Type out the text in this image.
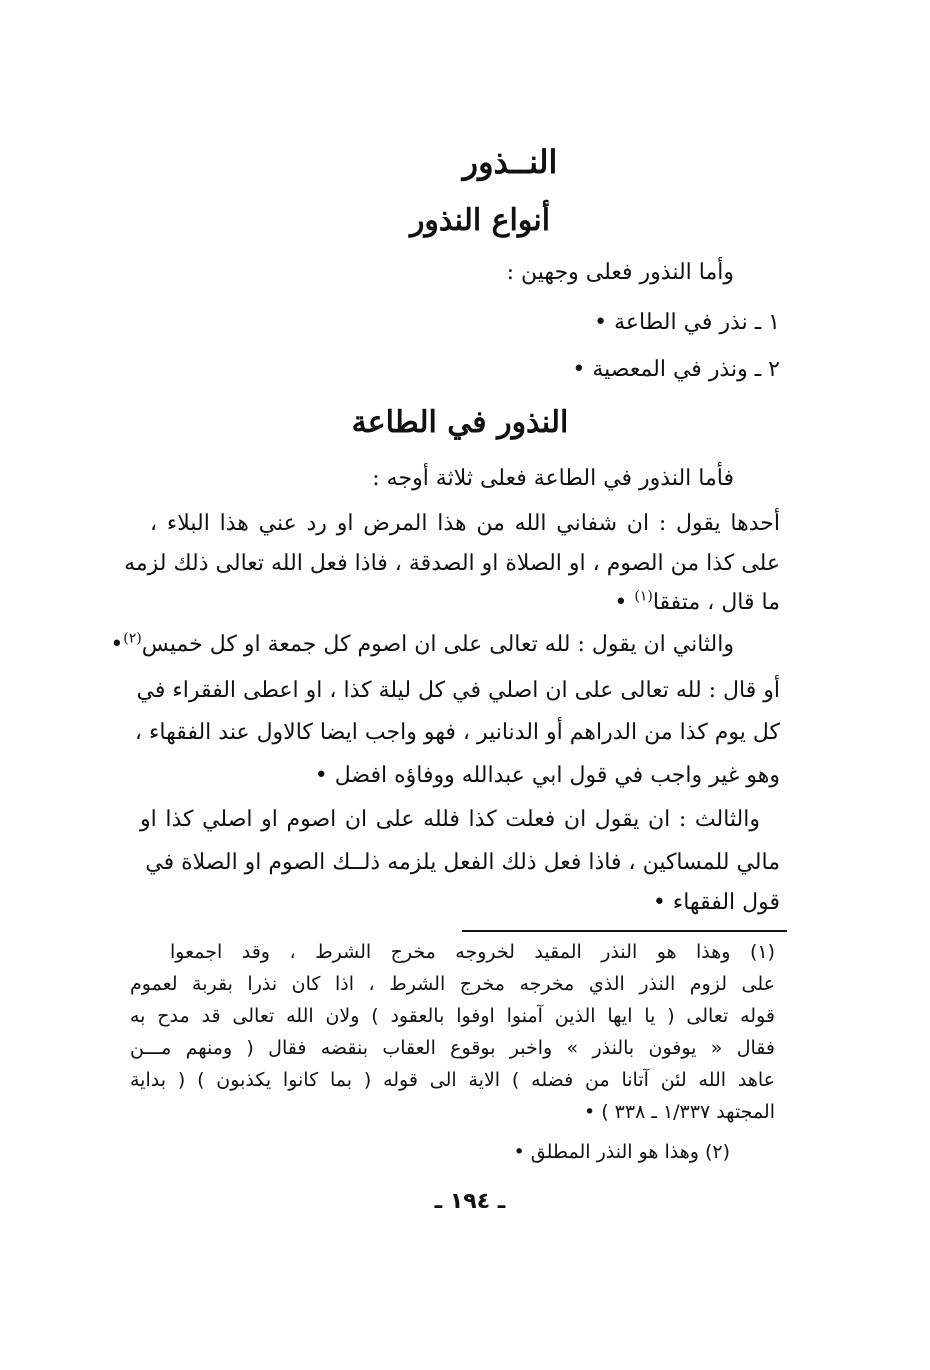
النــذور
أنواع النذور
وأما النذور فعلى وجهين :
١ ـ نذر في الطاعة •
٢ ـ ونذر في المعصية •
النذور في الطاعة
فأما النذور في الطاعة فعلى ثلاثة أوجه :
أحدها يقول : ان شفاني الله من هذا المرض او رد عني هذا البلاء ،
على كذا من الصوم ، او الصلاة او الصدقة ، فاذا فعل الله تعالى ذلك لزمه
ما قال ، متفقا$^{(١)}$ •
والثاني ان يقول : لله تعالى على ان اصوم كل جمعة او كل خميس$^{(٢)}$•
أو قال : لله تعالى على ان اصلي في كل ليلة كذا ، او اعطى الفقراء في
كل يوم كذا من الدراهم أو الدنانير ، فهو واجب ايضا كالاول عند الفقهاء ،
وهو غير واجب في قول ابي عبدالله ووفاؤه افضل •
والثالث : ان يقول ان فعلت كذا فلله على ان اصوم او اصلي كذا او
مالي للمساكين ، فاذا فعل ذلك الفعل يلزمه ذلــك الصوم او الصلاة في
قول الفقهاء •
(١) وهذا هو النذر المقيد لخروجه مخرج الشرط ، وقد اجمعوا
على لزوم النذر الذي مخرجه مخرج الشرط ، اذا كان نذرا بقربة لعموم
قوله تعالى ( يا ايها الذين آمنوا اوفوا بالعقود ) ولان الله تعالى قد مدح به
فقال « يوفون بالنذر » واخبر بوقوع العقاب بنقضه فقال ( ومنهم مـــن
عاهد الله لئن آتانا من فضله ) الاية الى قوله ( بما كانوا يكذبون ) ( بداية
المجتهد ١/٣٣٧ ـ ٣٣٨ ) •
(٢) وهذا هو النذر المطلق •
ـ ١٩٤ ـ
